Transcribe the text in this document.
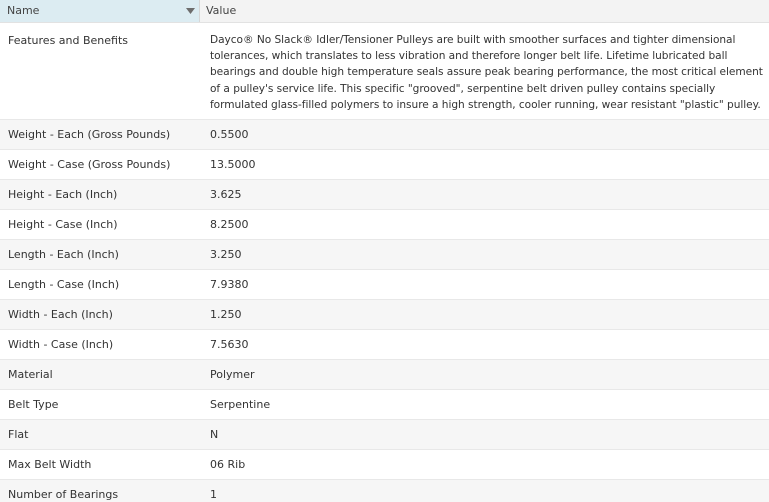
Name	Value
Features and Benefits	Dayco® No Slack® Idler/Tensioner Pulleys are built with smoother surfaces and tighter dimensional tolerances, which translates to less vibration and therefore longer belt life. Lifetime lubricated ball bearings and double high temperature seals assure peak bearing performance, the most critical element of a pulley's service life. This specific "grooved", serpentine belt driven pulley contains specially formulated glass-filled polymers to insure a high strength, cooler running, wear resistant "plastic" pulley.
Weight - Each (Gross Pounds)	0.5500
Weight - Case (Gross Pounds)	13.5000
Height - Each (Inch)	3.625
Height - Case (Inch)	8.2500
Length - Each (Inch)	3.250
Length - Case (Inch)	7.9380
Width - Each (Inch)	1.250
Width - Case (Inch)	7.5630
Material	Polymer
Belt Type	Serpentine
Flat	N
Max Belt Width	06 Rib
Number of Bearings	1
